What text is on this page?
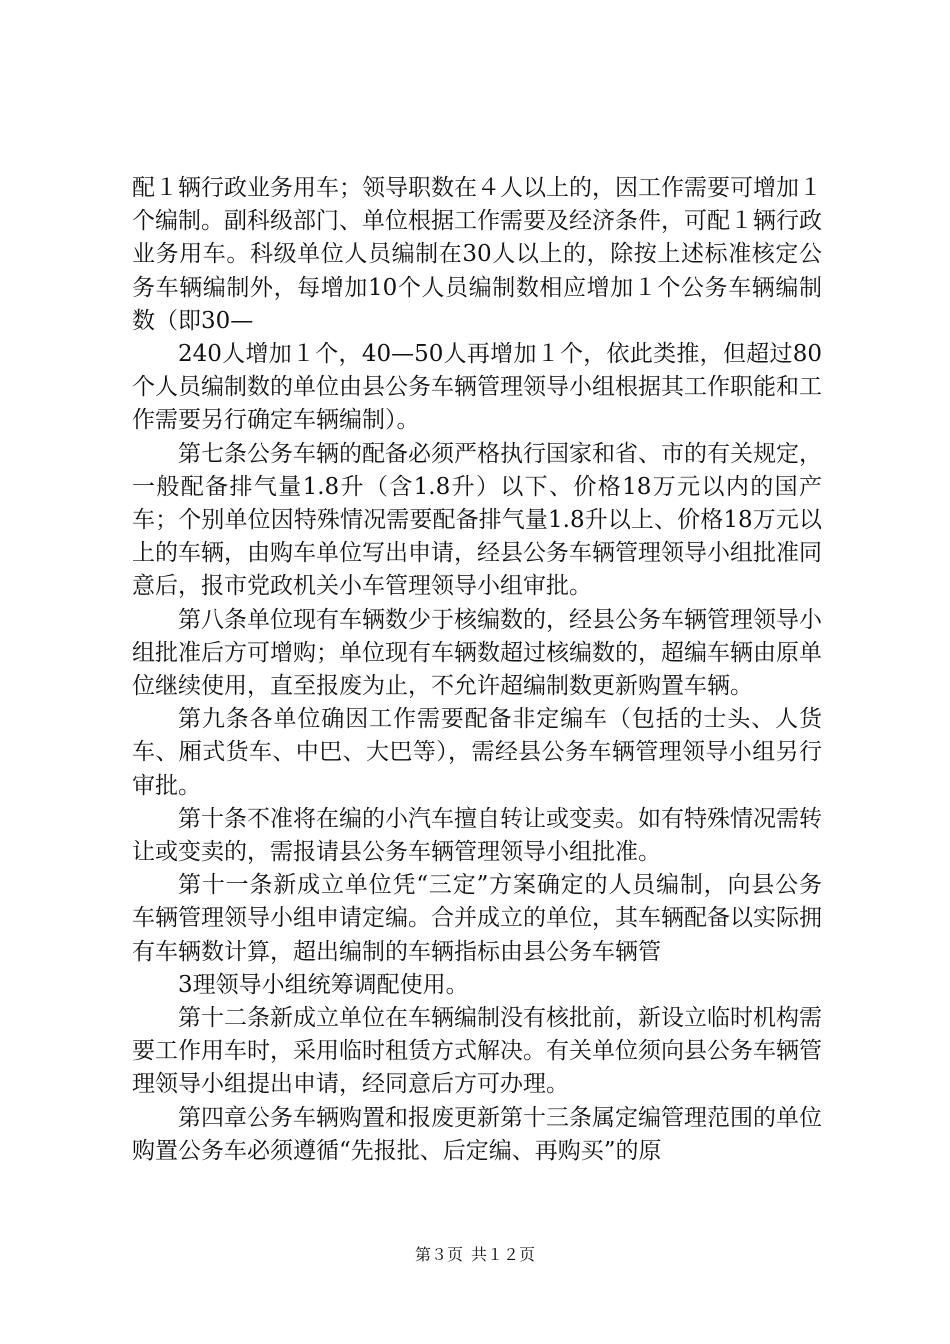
配１辆行政业务用车；领导职数在４人以上的，因工作需要可增加１个编制。副科级部门、单位根据工作需要及经济条件，可配１辆行政业务用车。科级单位人员编制在30人以上的，除按上述标准核定公务车辆编制外，每增加10个人员编制数相应增加１个公务车辆编制数（即30—

240人增加１个，40—50人再增加１个，依此类推，但超过80个人员编制数的单位由县公务车辆管理领导小组根据其工作职能和工作需要另行确定车辆编制）。

第七条公务车辆的配备必须严格执行国家和省、市的有关规定，一般配备排气量1.8升（含1.8升）以下、价格18万元以内的国产车；个别单位因特殊情况需要配备排气量1.8升以上、价格18万元以上的车辆，由购车单位写出申请，经县公务车辆管理领导小组批准同意后，报市党政机关小车管理领导小组审批。

第八条单位现有车辆数少于核编数的，经县公务车辆管理领导小组批准后方可增购；单位现有车辆数超过核编数的，超编车辆由原单位继续使用，直至报废为止，不允许超编制数更新购置车辆。

第九条各单位确因工作需要配备非定编车（包括的士头、人货车、厢式货车、中巴、大巴等），需经县公务车辆管理领导小组另行审批。

第十条不准将在编的小汽车擅自转让或变卖。如有特殊情况需转让或变卖的，需报请县公务车辆管理领导小组批准。

第十一条新成立单位凭“三定”方案确定的人员编制，向县公务车辆管理领导小组申请定编。合并成立的单位，其车辆配备以实际拥有车辆数计算，超出编制的车辆指标由县公务车辆管

3理领导小组统筹调配使用。

第十二条新成立单位在车辆编制没有核批前，新设立临时机构需要工作用车时，采用临时租赁方式解决。有关单位须向县公务车辆管理领导小组提出申请，经同意后方可办理。

第四章公务车辆购置和报废更新第十三条属定编管理范围的单位购置公务车必须遵循“先报批、后定编、再购买”的原

第３页 共１２页
